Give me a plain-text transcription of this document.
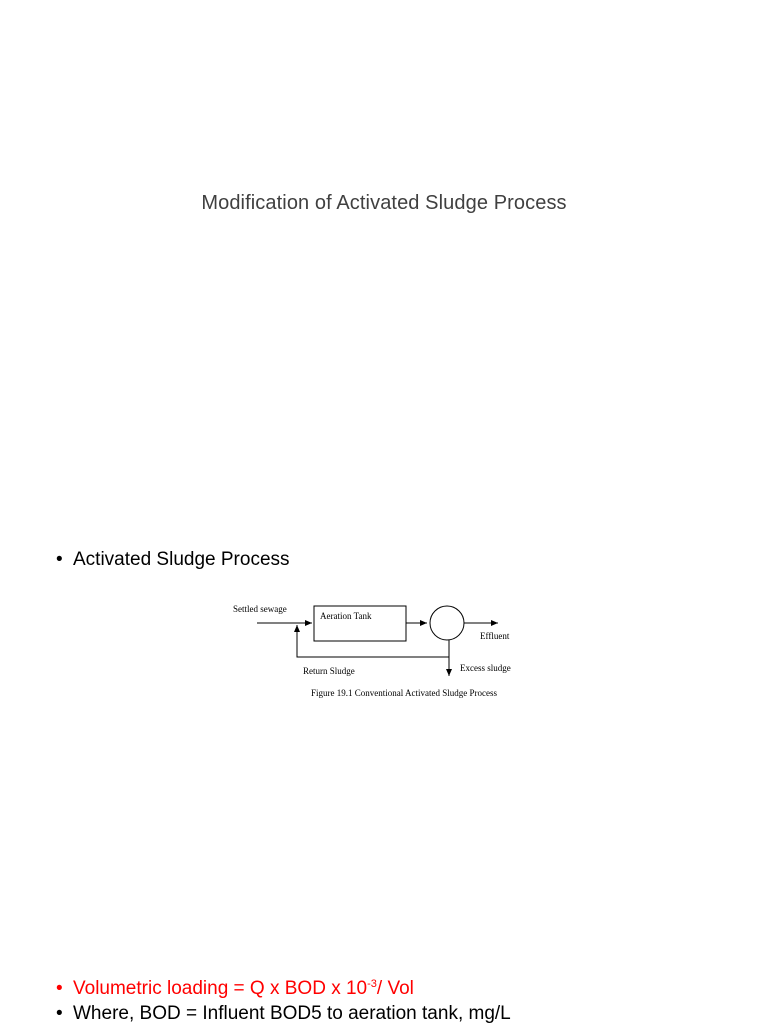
Modification of Activated Sludge Process
• Activated Sludge Process
Settled sewage
Aeration Tank
Effluent
Excess sludge
Return Sludge
Figure 19.1 Conventional Activated Sludge Process
• Volumetric loading = Q x BOD x $10^{-3}/$ Vol
• Where, BOD = Influent BOD5 to aeration tank, mg/L
